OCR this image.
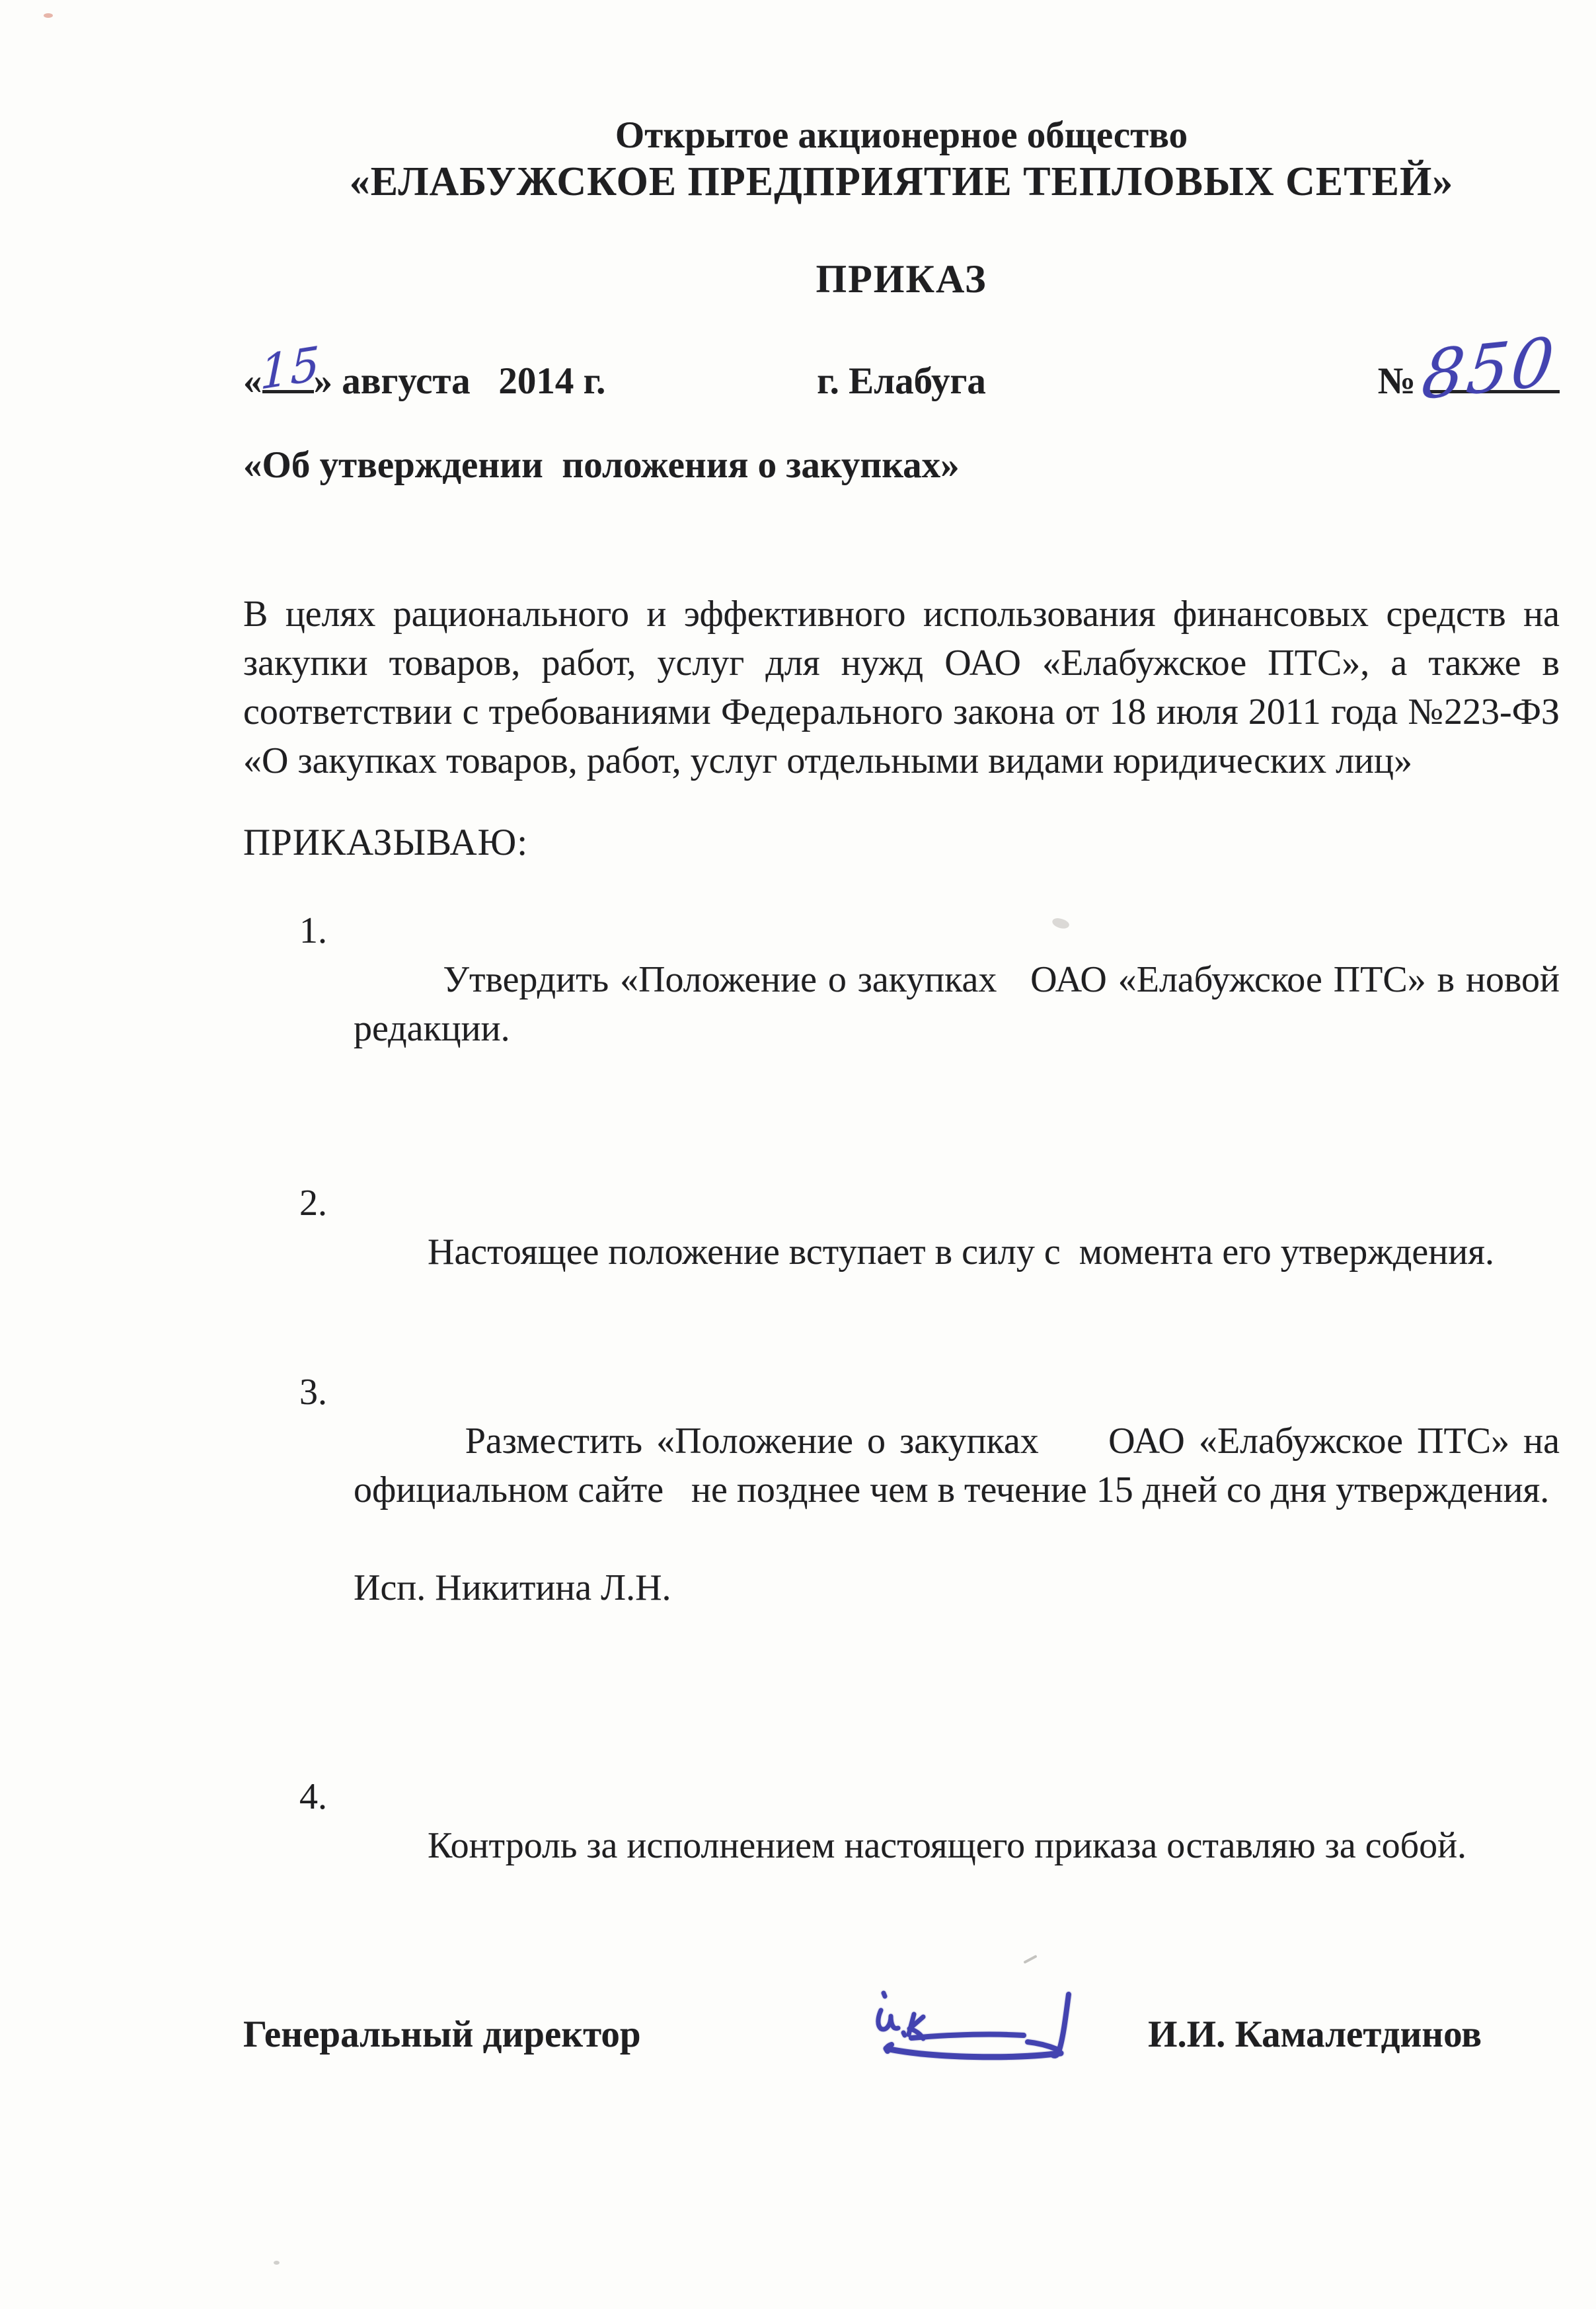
Открытое акционерное общество
«ЕЛАБУЖСКОЕ ПРЕДПРИЯТИЕ ТЕПЛОВЫХ СЕТЕЙ»
ПРИКАЗ
«
15
» августа   2014 г.	г. Елабуга	№ 850
«Об утверждении  положения о закупках»
В целях рационального и эффективного использования финансовых средств на закупки товаров, работ, услуг для нужд ОАО «Елабужское ПТС», а также в соответствии с требованиями Федерального закона от 18 июля 2011 года №223-ФЗ «О закупках товаров, работ, услуг отдельными видами юридических лиц»
ПРИКАЗЫВАЮ:

1.
Утвердить «Положение о закупках   ОАО «Елабужское ПТС» в новой редакции.

2.
Настоящее положение вступает в силу с  момента его утверждения.

3.
Разместить «Положение о закупках     ОАО «Елабужское ПТС» на официальном сайте   не позднее чем в течение 15 дней со дня утверждения.

Исп. Никитина Л.Н.

4.
Контроль за исполнением настоящего приказа оставляю за собой.

Генеральный директор	И.И. Камалетдинов
